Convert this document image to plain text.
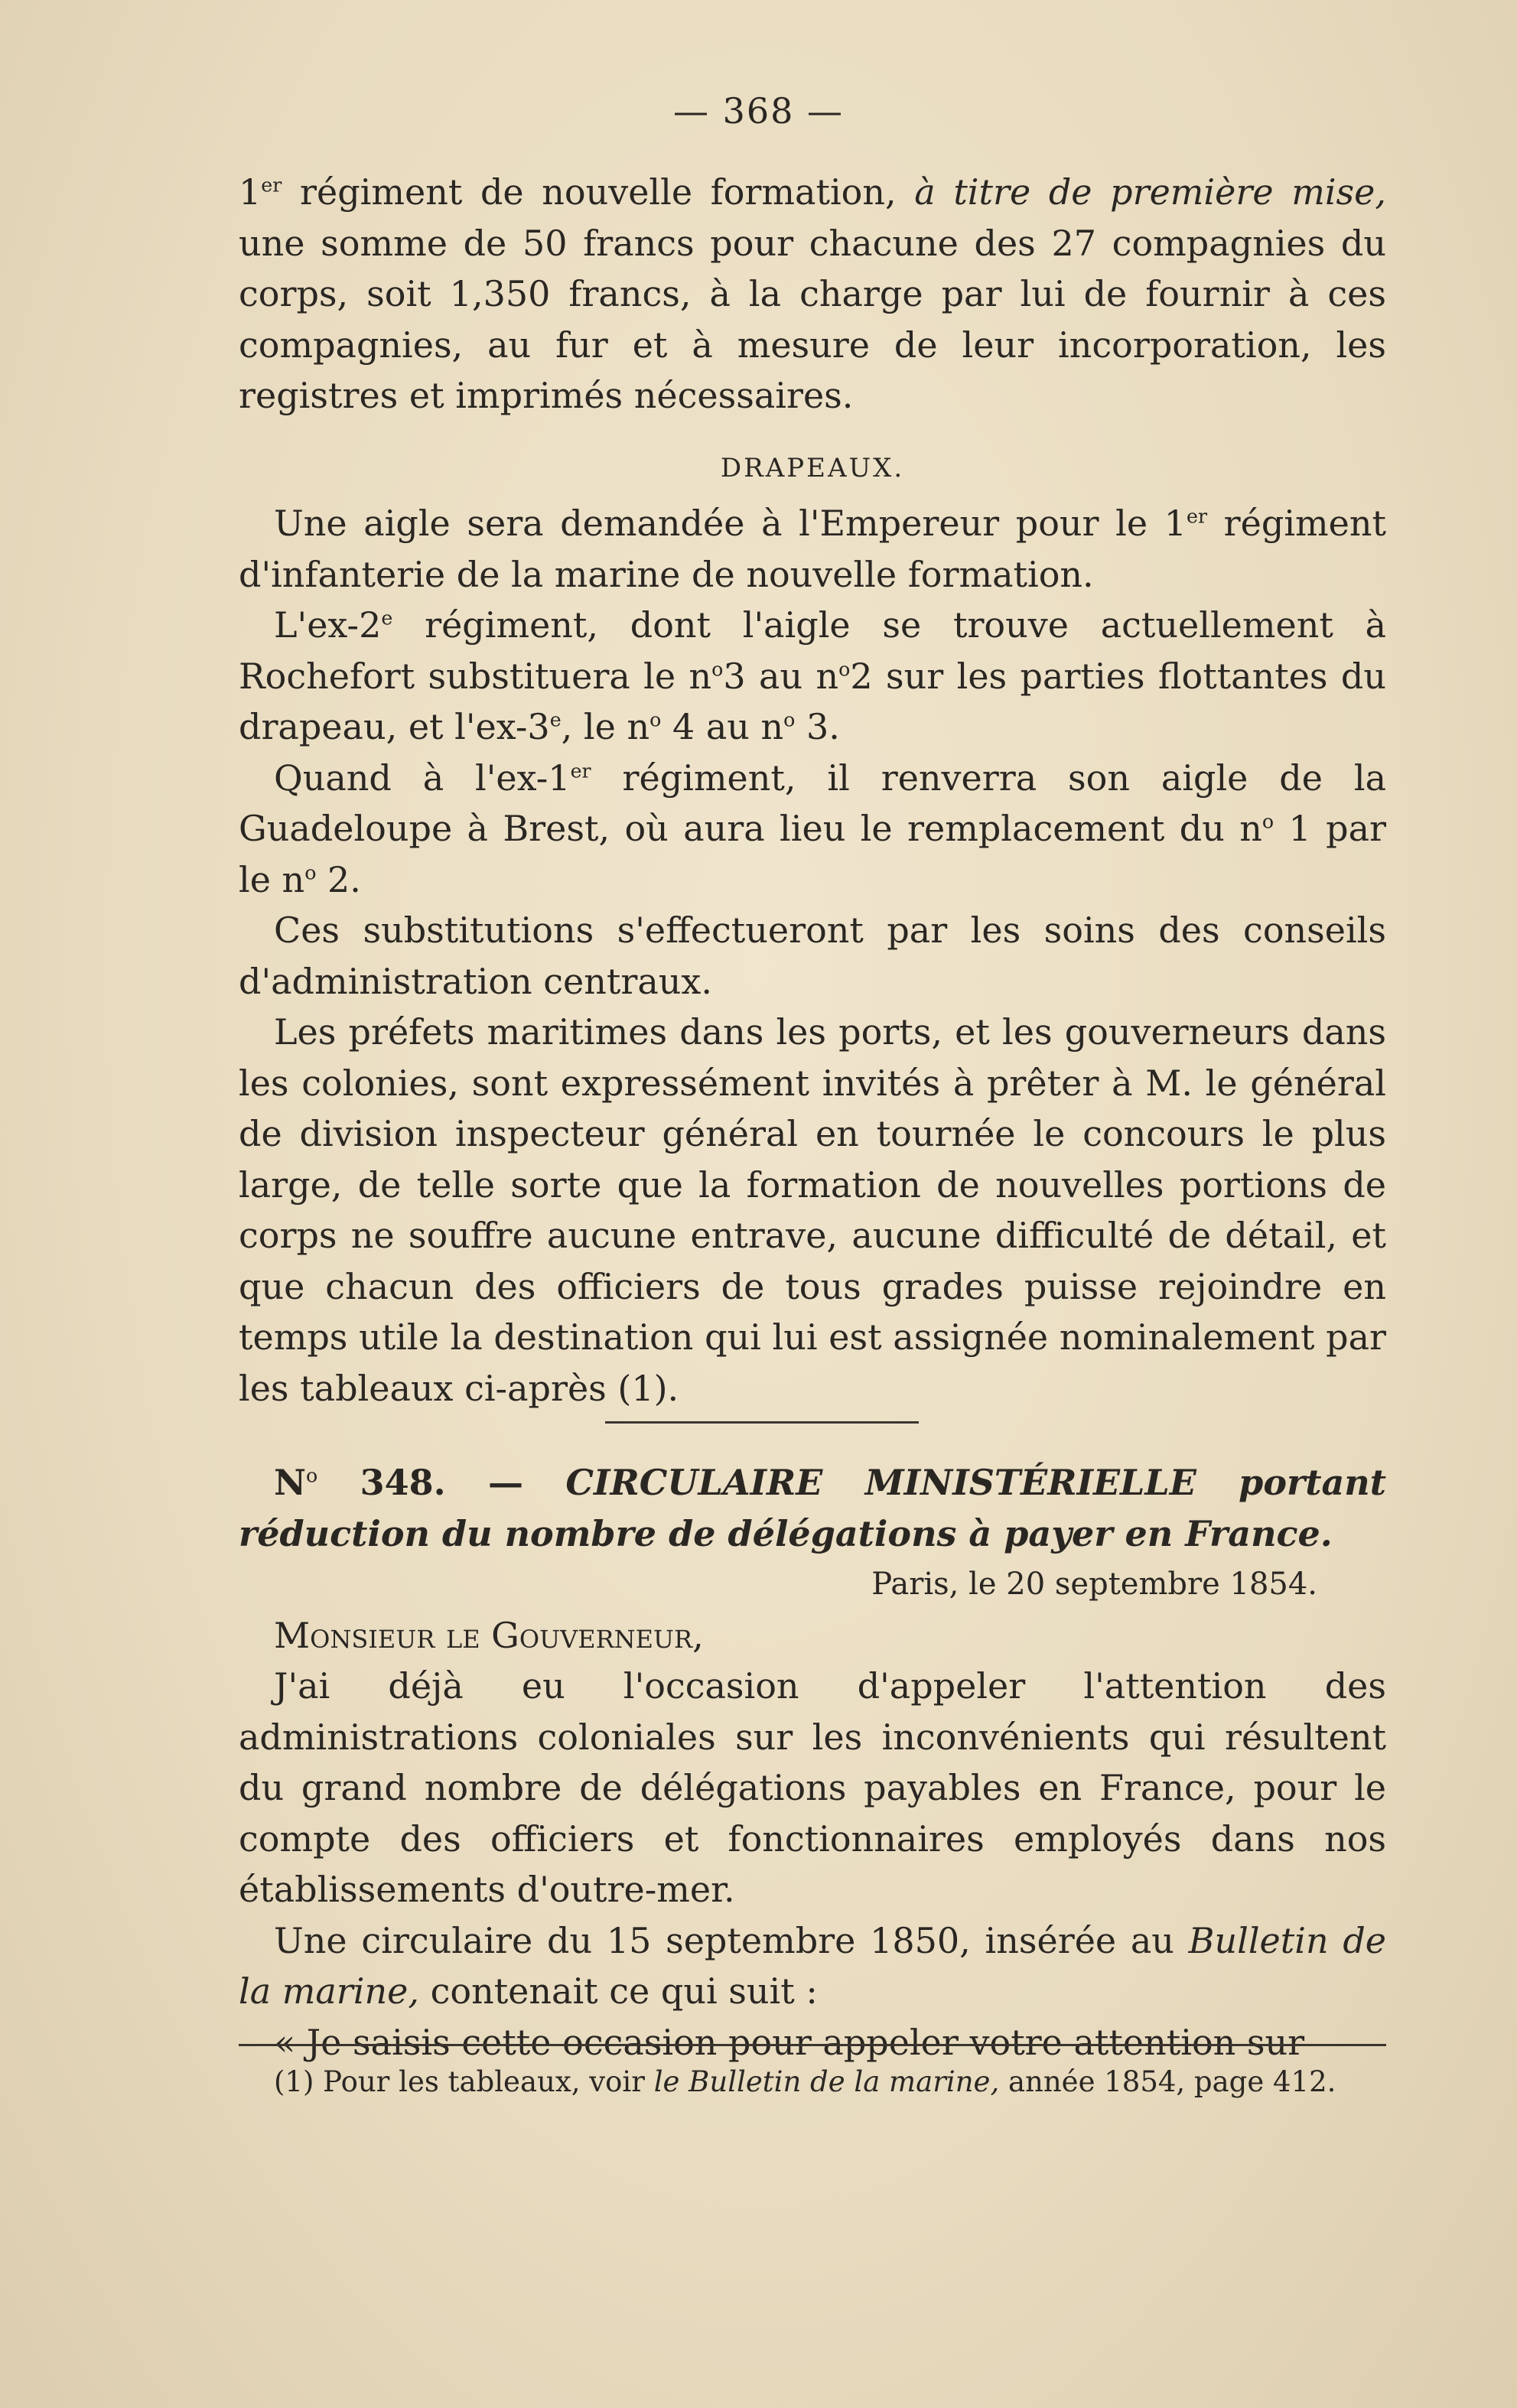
— 368 —

1er régiment de nouvelle formation, à titre de première mise, une somme de 50 francs pour chacune des 27 compagnies du corps, soit 1,350 francs, à la charge par lui de fournir à ces compagnies, au fur et à mesure de leur incorporation, les registres et imprimés nécessaires.

DRAPEAUX.

Une aigle sera demandée à l'Empereur pour le 1er régiment d'infanterie de la marine de nouvelle formation.

L'ex-2e régiment, dont l'aigle se trouve actuellement à Rochefort substituera le $n^o3$ au $n^o2$ sur les parties flottantes du drapeau, et l'ex-3e, le $n^o$ 4 au $n^o$ 3.

Quand à l'ex-1er régiment, il renverra son aigle de la Guadeloupe à Brest, où aura lieu le remplacement du $n^o$ 1 par le $n^o$ 2.

Ces substitutions s'effectueront par les soins des conseils d'administration centraux.

Les préfets maritimes dans les ports, et les gouverneurs dans les colonies, sont expressément invités à prêter à M. le général de division inspecteur général en tournée le concours le plus large, de telle sorte que la formation de nouvelles portions de corps ne souffre aucune entrave, aucune difficulté de détail, et que chacun des officiers de tous grades puisse rejoindre en temps utile la destination qui lui est assignée nominalement par les tableaux ci-après (1).

$N^o$ 348. — CIRCULAIRE MINISTÉRIELLE portant réduction du nombre de délégations à payer en France.

Paris, le 20 septembre 1854.

Monsieur le Gouverneur,

J'ai déjà eu l'occasion d'appeler l'attention des administrations coloniales sur les inconvénients qui résultent du grand nombre de délégations payables en France, pour le compte des officiers et fonctionnaires employés dans nos établissements d'outre-mer.

Une circulaire du 15 septembre 1850, insérée au Bulletin de la marine, contenait ce qui suit :

« Je saisis cette occasion pour appeler votre attention sur

(1) Pour les tableaux, voir le Bulletin de la marine, année 1854, page 412.
